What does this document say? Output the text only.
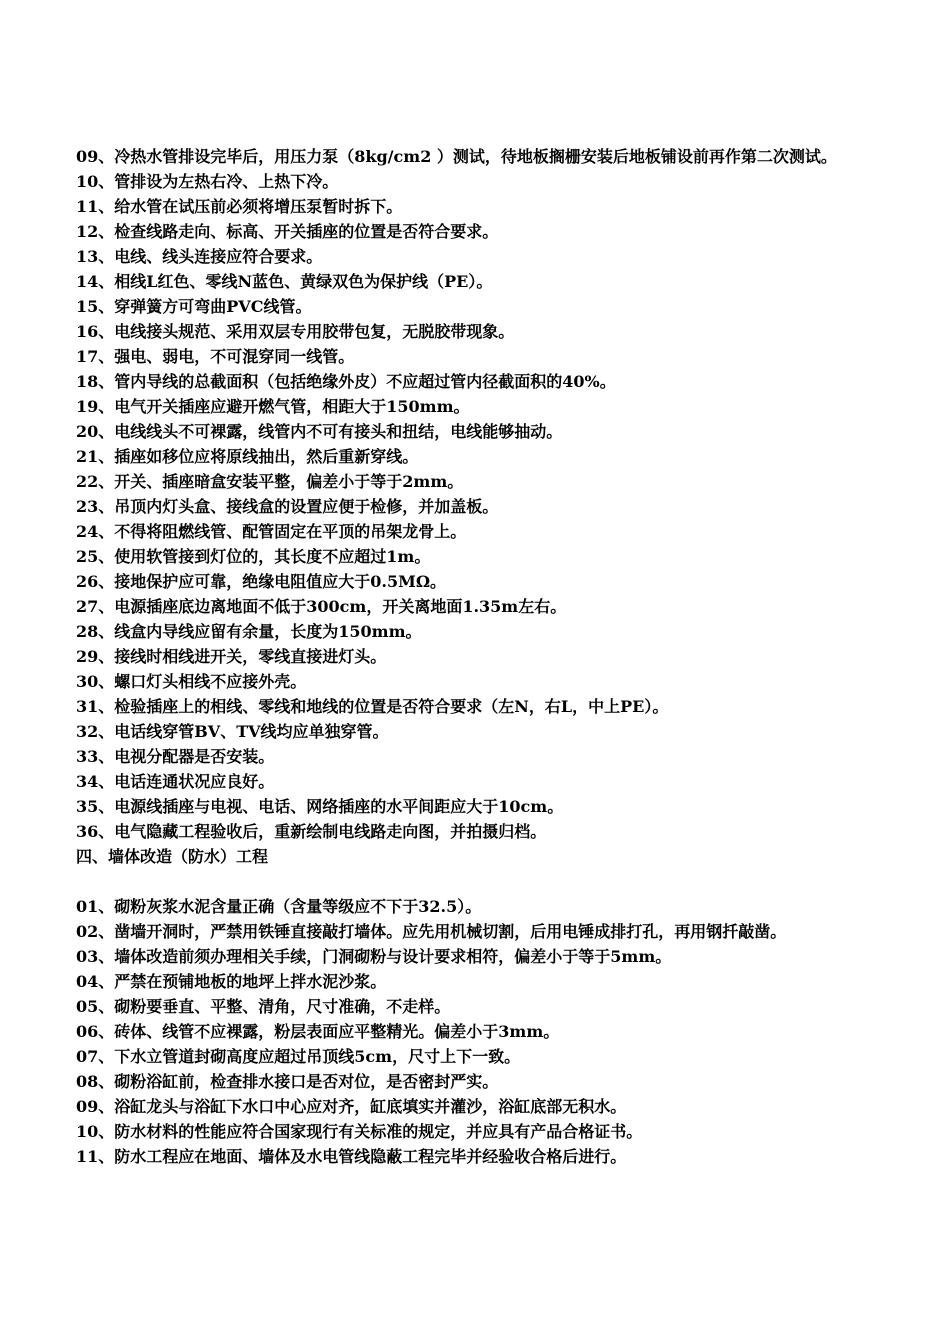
09、冷热水管排设完毕后，用压力泵（8kg/cm2 ）测试，待地板搁栅安装后地板铺设前再作第二次测试。
10、管排设为左热右冷、上热下冷。
11、给水管在试压前必须将增压泵暂时拆下。
12、检查线路走向、标高、开关插座的位置是否符合要求。
13、电线、线头连接应符合要求。
14、相线L红色、零线N蓝色、黄绿双色为保护线（PE）。
15、穿弹簧方可弯曲PVC线管。
16、电线接头规范、采用双层专用胶带包复，无脱胶带现象。
17、强电、弱电，不可混穿同一线管。
18、管内导线的总截面积（包括绝缘外皮）不应超过管内径截面积的40%。
19、电气开关插座应避开燃气管，相距大于150mm。
20、电线线头不可裸露，线管内不可有接头和扭结，电线能够抽动。
21、插座如移位应将原线抽出，然后重新穿线。
22、开关、插座暗盒安装平整，偏差小于等于2mm。
23、吊顶内灯头盒、接线盒的设置应便于检修，并加盖板。
24、不得将阻燃线管、配管固定在平顶的吊架龙骨上。
25、使用软管接到灯位的，其长度不应超过1m。
26、接地保护应可靠，绝缘电阻值应大于0.5MΩ。
27、电源插座底边离地面不低于300cm，开关离地面1.35m左右。
28、线盒内导线应留有余量，长度为150mm。
29、接线时相线进开关，零线直接进灯头。
30、螺口灯头相线不应接外壳。
31、检验插座上的相线、零线和地线的位置是否符合要求（左N，右L，中上PE）。
32、电话线穿管BV、TV线均应单独穿管。
33、电视分配器是否安装。
34、电话连通状况应良好。
35、电源线插座与电视、电话、网络插座的水平间距应大于10cm。
36、电气隐藏工程验收后，重新绘制电线路走向图，并拍摄归档。
四、墙体改造（防水）工程
01、砌粉灰浆水泥含量正确（含量等级应不下于32.5）。
02、凿墙开洞时，严禁用铁锤直接敲打墙体。应先用机械切割，后用电锤成排打孔，再用钢扦敲凿。
03、墙体改造前须办理相关手续，门洞砌粉与设计要求相符，偏差小于等于5mm。
04、严禁在预铺地板的地坪上拌水泥沙浆。
05、砌粉要垂直、平整、清角，尺寸准确，不走样。
06、砖体、线管不应裸露，粉层表面应平整精光。偏差小于3mm。
07、下水立管道封砌高度应超过吊顶线5cm，尺寸上下一致。
08、砌粉浴缸前，检查排水接口是否对位，是否密封严实。
09、浴缸龙头与浴缸下水口中心应对齐，缸底填实并灌沙，浴缸底部无积水。
10、防水材料的性能应符合国家现行有关标准的规定，并应具有产品合格证书。
11、防水工程应在地面、墙体及水电管线隐蔽工程完毕并经验收合格后进行。
